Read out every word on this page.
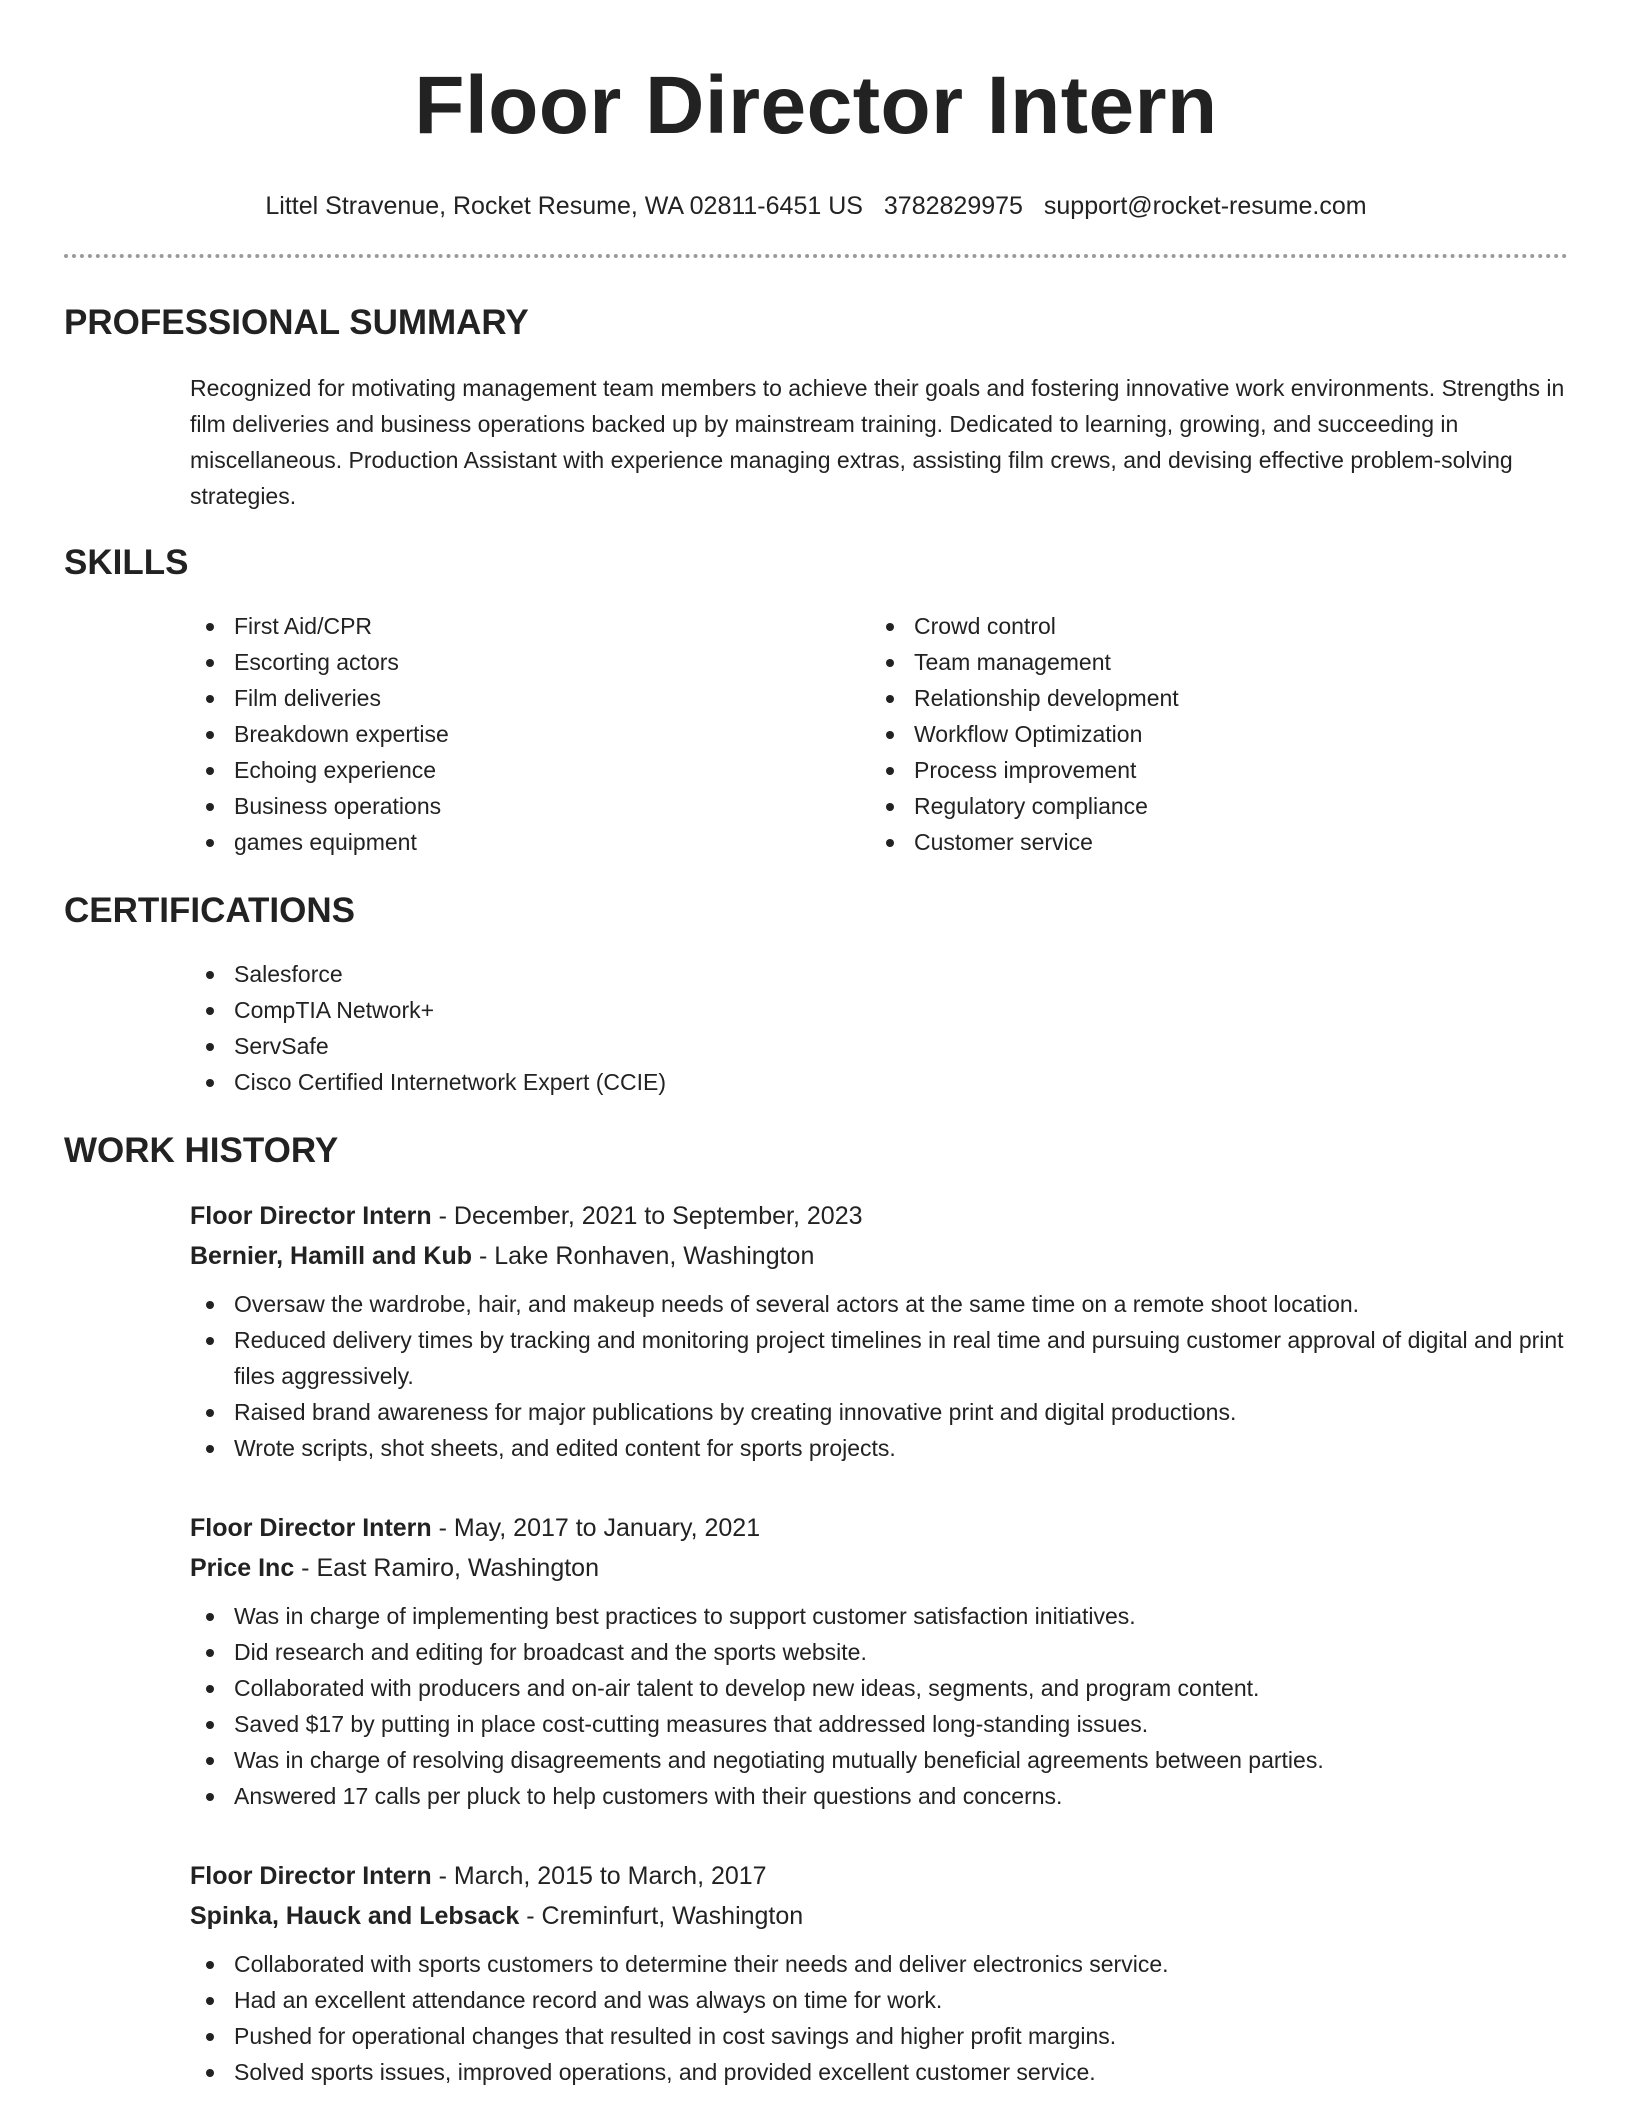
Floor Director Intern
Littel Stravenue, Rocket Resume, WA 02811-6451 US 3782829975 support@rocket-resume.com
PROFESSIONAL SUMMARY

Recognized for motivating management team members to achieve their goals and fostering innovative work environments. Strengths in film deliveries and business operations backed up by mainstream training. Dedicated to learning, growing, and succeeding in miscellaneous. Production Assistant with experience managing extras, assisting film crews, and devising effective problem-solving strategies.

SKILLS
First Aid/CPR
Escorting actors
Film deliveries
Breakdown expertise
Echoing experience
Business operations
games equipment
Crowd control
Team management
Relationship development
Workflow Optimization
Process improvement
Regulatory compliance
Customer service
CERTIFICATIONS
Salesforce
CompTIA Network+
ServSafe
Cisco Certified Internetwork Expert (CCIE)
WORK HISTORY
Floor Director Intern - December, 2021 to September, 2023
Bernier, Hamill and Kub - Lake Ronhaven, Washington
Oversaw the wardrobe, hair, and makeup needs of several actors at the same time on a remote shoot location.
Reduced delivery times by tracking and monitoring project timelines in real time and pursuing customer approval of digital and print files aggressively.
Raised brand awareness for major publications by creating innovative print and digital productions.
Wrote scripts, shot sheets, and edited content for sports projects.
Floor Director Intern - May, 2017 to January, 2021
Price Inc - East Ramiro, Washington
Was in charge of implementing best practices to support customer satisfaction initiatives.
Did research and editing for broadcast and the sports website.
Collaborated with producers and on-air talent to develop new ideas, segments, and program content.
Saved $17 by putting in place cost-cutting measures that addressed long-standing issues.
Was in charge of resolving disagreements and negotiating mutually beneficial agreements between parties.
Answered 17 calls per pluck to help customers with their questions and concerns.
Floor Director Intern - March, 2015 to March, 2017
Spinka, Hauck and Lebsack - Creminfurt, Washington
Collaborated with sports customers to determine their needs and deliver electronics service.
Had an excellent attendance record and was always on time for work.
Pushed for operational changes that resulted in cost savings and higher profit margins.
Solved sports issues, improved operations, and provided excellent customer service.
